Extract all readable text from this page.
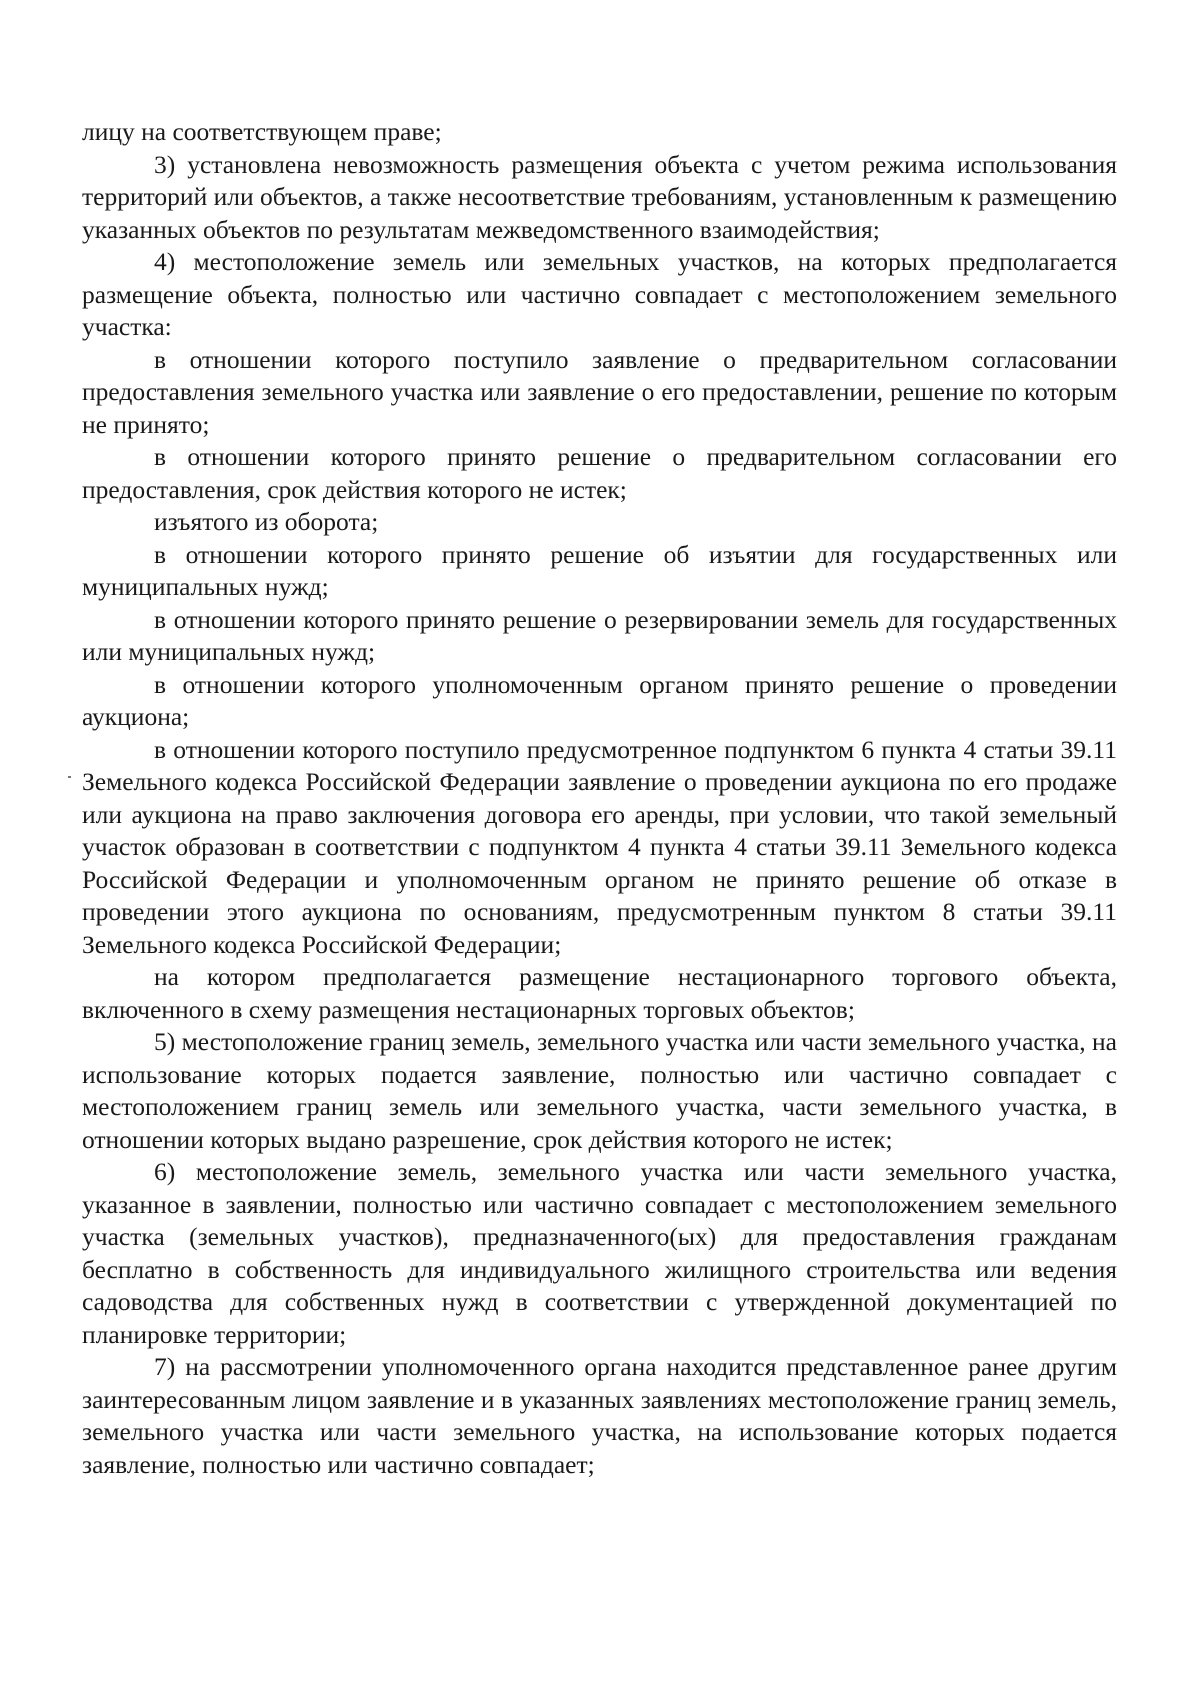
лицу на соответствующем праве;

3) установлена невозможность размещения объекта с учетом режима использования территорий или объектов, а также несоответствие требованиям, установленным к размещению указанных объектов по результатам межведомственного взаимодействия;

4) местоположение земель или земельных участков, на которых предполагается размещение объекта, полностью или частично совпадает с местоположением земельного участка:

в отношении которого поступило заявление о предварительном согласовании предоставления земельного участка или заявление о его предоставлении, решение по которым не принято;

в отношении которого принято решение о предварительном согласовании его предоставления, срок действия которого не истек;

изъятого из оборота;

в отношении которого принято решение об изъятии для государственных или муниципальных нужд;

в отношении которого принято решение о резервировании земель для государственных или муниципальных нужд;

в отношении которого уполномоченным органом принято решение о проведении аукциона;

в отношении которого поступило предусмотренное подпунктом 6 пункта 4 статьи 39.11 Земельного кодекса Российской Федерации заявление о проведении аукциона по его продаже или аукциона на право заключения договора его аренды, при условии, что такой земельный участок образован в соответствии с подпунктом 4 пункта 4 статьи 39.11 Земельного кодекса Российской Федерации и уполномоченным органом не принято решение об отказе в проведении этого аукциона по основаниям, предусмотренным пунктом 8 статьи 39.11 Земельного кодекса Российской Федерации;

на котором предполагается размещение нестационарного торгового объекта, включенного в схему размещения нестационарных торговых объектов;

5) местоположение границ земель, земельного участка или части земельного участка, на использование которых подается заявление, полностью или частично совпадает с местоположением границ земель или земельного участка, части земельного участка, в отношении которых выдано разрешение, срок действия которого не истек;

6) местоположение земель, земельного участка или части земельного участка, указанное в заявлении, полностью или частично совпадает с местоположением земельного участка (земельных участков), предназначенного(ых) для предоставления гражданам бесплатно в собственность для индивидуального жилищного строительства или ведения садоводства для собственных нужд в соответствии с утвержденной документацией по планировке территории;

7) на рассмотрении уполномоченного органа находится представленное ранее другим заинтересованным лицом заявление и в указанных заявлениях местоположение границ земель, земельного участка или части земельного участка, на использование которых подается заявление, полностью или частично совпадает;
